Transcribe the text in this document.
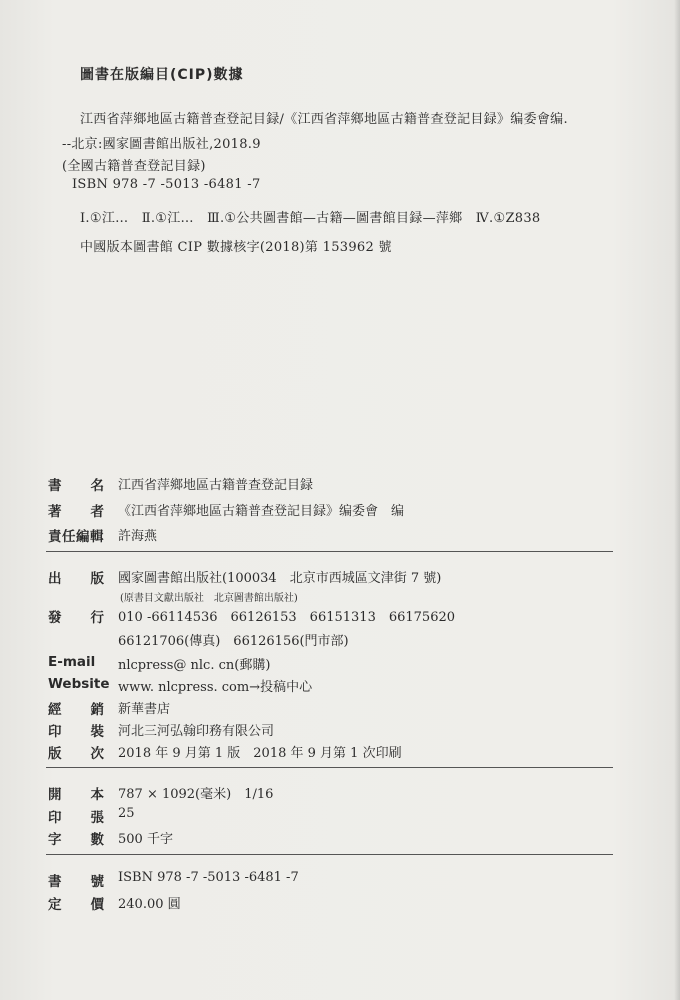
圖書在版編目(CIP)數據
江西省萍鄉地區古籍普查登記目録/《江西省萍鄉地區古籍普查登記目録》编委會编.
--北京:國家圖書館出版社,2018.9
(全國古籍普查登記目録)
ISBN 978 -7 -5013 -6481 -7
Ⅰ.①江…　Ⅱ.①江…　Ⅲ.①公共圖書館—古籍—圖書館目録—萍鄉　Ⅳ.①Z838
中國版本圖書館 CIP 數據核字(2018)第 153962 號
書 名 江西省萍鄉地區古籍普查登記目録
著 者 《江西省萍鄉地區古籍普查登記目録》编委會　编
責任編輯 許海燕
出 版 國家圖書館出版社(100034　北京市西城區文津街 7 號)
(原書目文獻出版社　北京圖書館出版社)
發 行 010 -66114536　66126153　66151313　66175620
66121706(傳真)　66126156(門市部)
E-mail nlcpress@ nlc. cn(郵購)
Website www. nlcpress. com→投稿中心
經 銷 新華書店
印 裝 河北三河弘翰印務有限公司
版 次 2018 年 9 月第 1 版　2018 年 9 月第 1 次印刷
開 本 787 × 1092(毫米)　1/16
印 張 25
字 數 500 千字
書 號 ISBN 978 -7 -5013 -6481 -7
定 價 240.00 圓
